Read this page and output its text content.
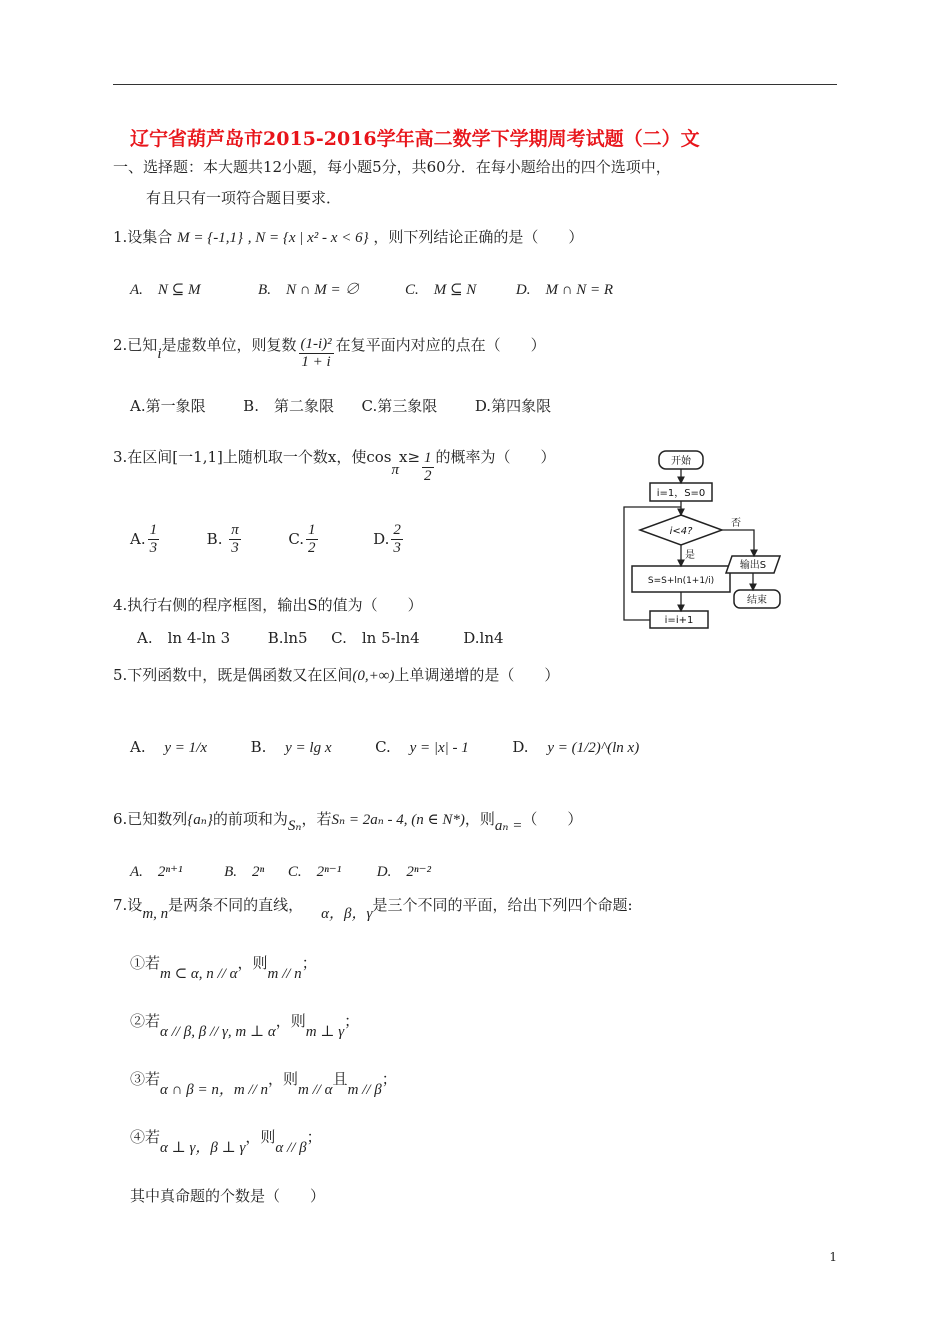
辽宁省葫芦岛市2015-2016学年高二数学下学期周考试题（二）文
一、选择题：本大题共12小题，每小题5分，共60分．在每小题给出的四个选项中，
有且只有一项符合题目要求．
1.设集合 M = {-1,1} , N = {x | x² - x < 6} ，则下列结论正确的是（　　）
A.　N ⊆ M	B.　N ∩ M = ∅	C.　M ⊆ N	D.　M ∩ N = R
2.已知i是虚数单位，则复数 $\frac{\text{(1-i)²}}{1 + i}$ 在复平面内对应的点在（　　）
A.第一象限	B.　第二象限 C.第三象限	D.第四象限
3.在区间[一1,1]上随机取一个数x，使$\cos\pi x\ge \frac{1}{2}$ 的概率为（　　）
A. $\frac{1}{3}$	B. $\frac{\pi}{3}$	C. $\frac{1}{2}$	D. $\frac{2}{3}$
开始
i=1，S=0
i<4?
否
是
S=S+ln(1+1/i)
输出S
结束
i=i+1
4.执行右侧的程序框图，输出S的值为（　　）
A.　ln 4-ln 3	B.ln5 C.　ln 5-ln4	D.ln4
5.下列函数中，既是偶函数又在区间(0,+∞)上单调递增的是（　　）
A. y = 1/x	B. y = lg x	C. y = |x| - 1	D. y = (1/2)^(ln x)
6.已知数列{aₙ}的前项和为Sₙ，若Sₙ = 2aₙ - 4, (n ∈ N*)，则aₙ =（　　）
A.　2ⁿ⁺¹	B.　2ⁿ C.　2ⁿ⁻¹ D.　2ⁿ⁻²
7.设m, n是两条不同的直线， α，β，γ是三个不同的平面，给出下列四个命题:
①若m ⊂ α, n // α，则m // n；
②若α // β, β // γ, m ⊥ α，则m ⊥ γ；
③若α ∩ β = n，m // n，则m // α且m // β；
④若α ⊥ γ，β ⊥ γ，则α // β；
其中真命题的个数是（　　）
1
